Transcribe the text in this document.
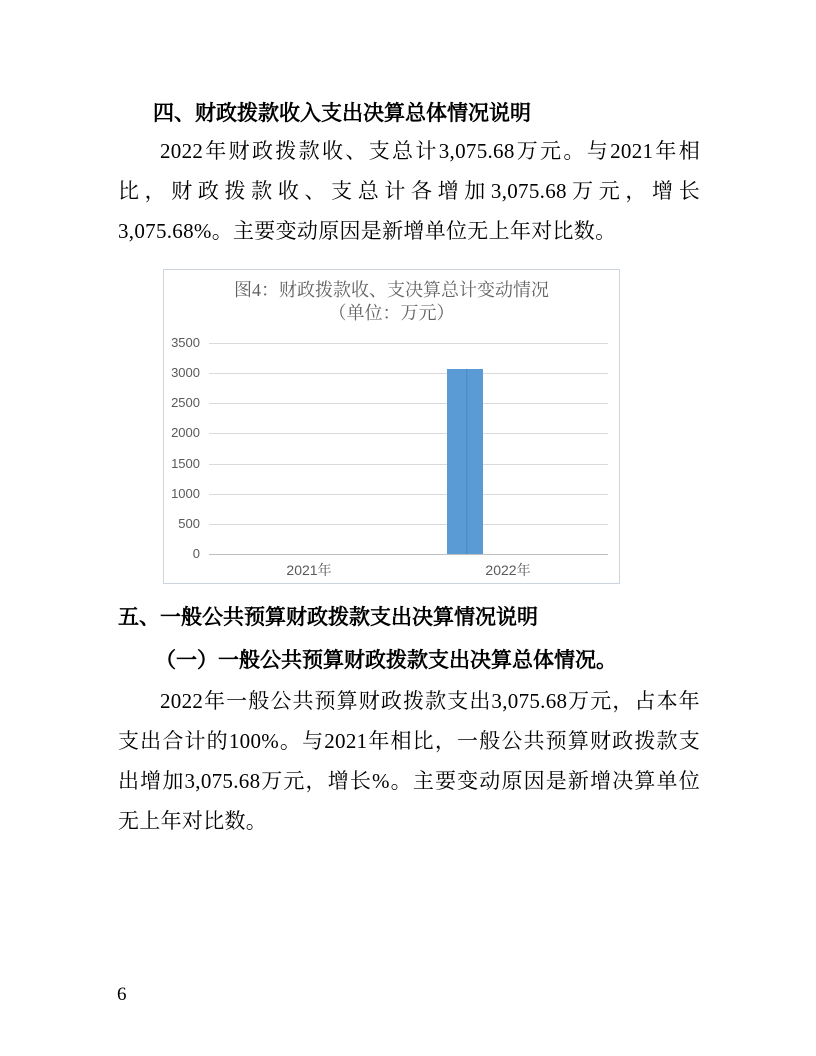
四、财政拨款收入支出决算总体情况说明

2022年财政拨款收、支总计3,075.68万元。与2021年相比，财政拨款收、支总计各增加3,075.68万元，增长3,075.68%。主要变动原因是新增单位无上年对比数。

图4：财政拨款收、支决算总计变动情况
（单位：万元）
0
500
1000
1500
2000
2500
3000
3500
2021年	2022年
五、一般公共预算财政拨款支出决算情况说明
（一）一般公共预算财政拨款支出决算总体情况。

2022年一般公共预算财政拨款支出3,075.68万元，占本年支出合计的100%。与2021年相比，一般公共预算财政拨款支出增加3,075.68万元，增长%。主要变动原因是新增决算单位无上年对比数。

6
